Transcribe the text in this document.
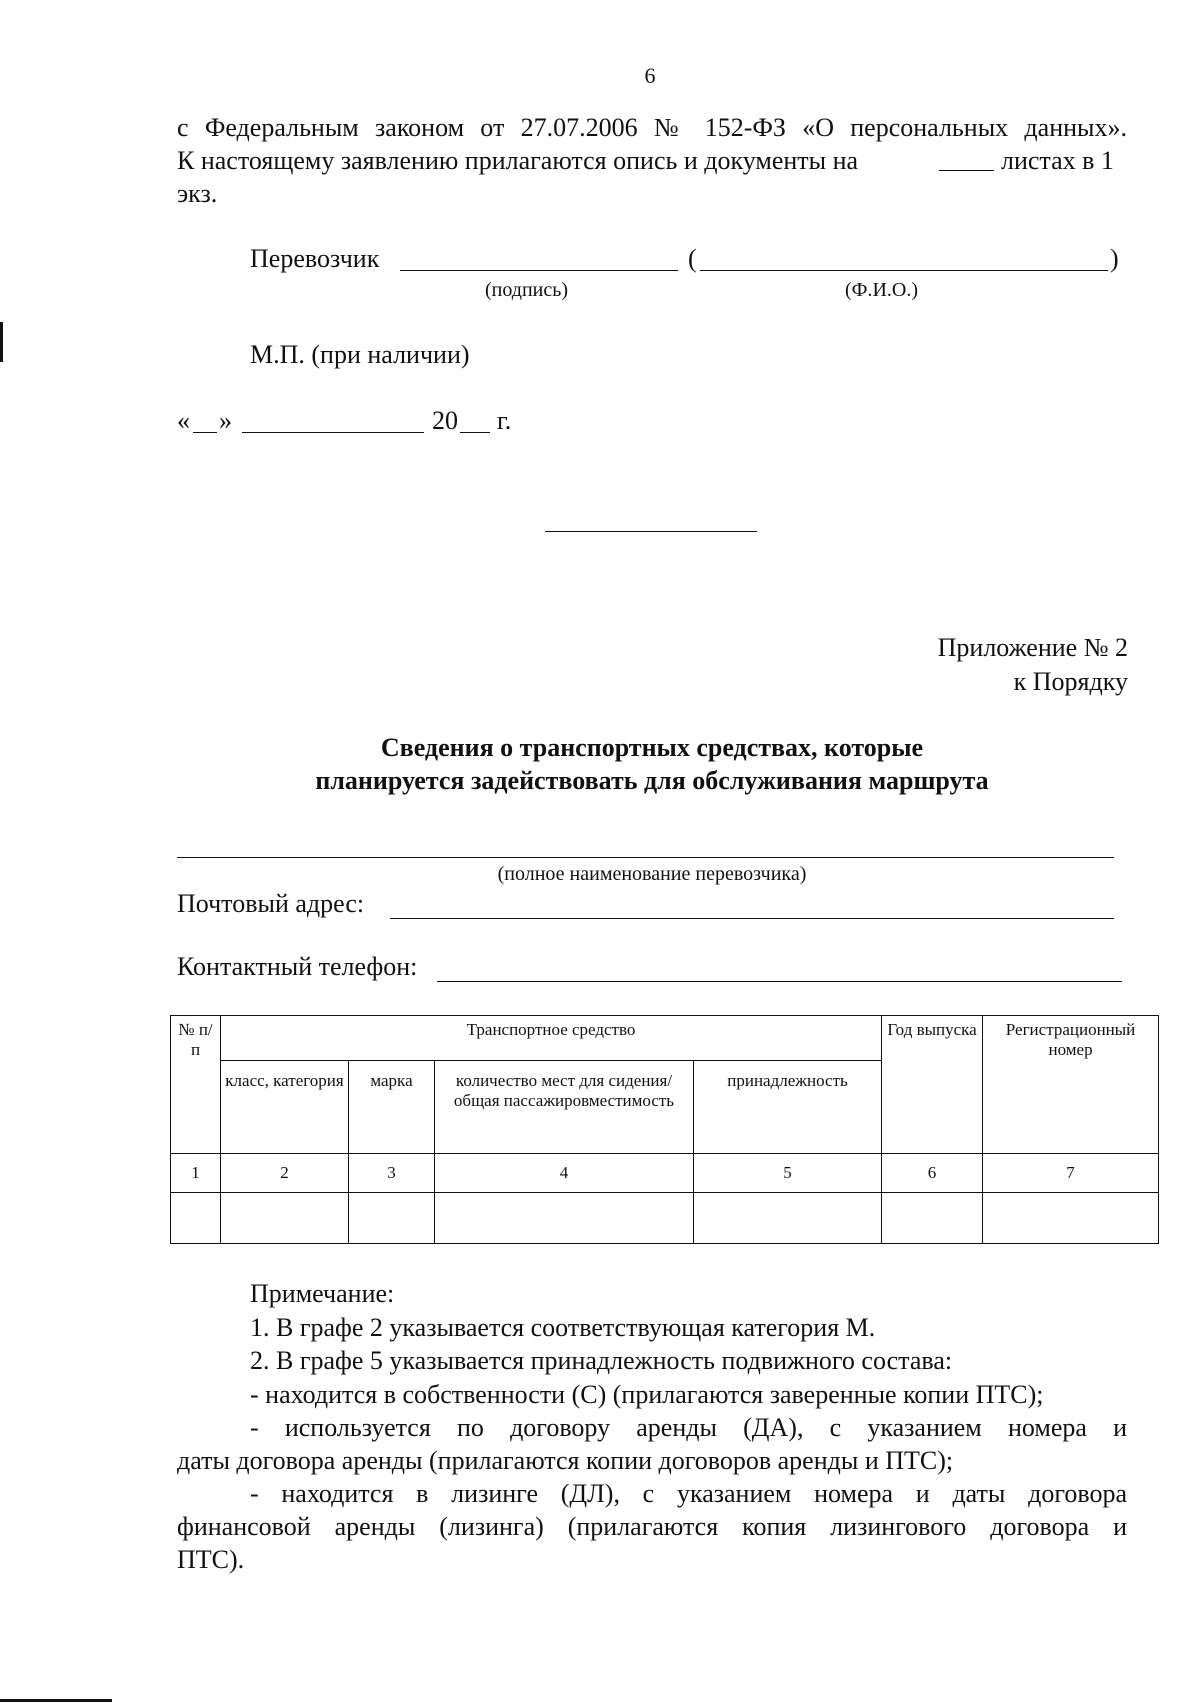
6
с Федеральным законом от 27.07.2006 № 152-ФЗ «О персональных данных».
К настоящему заявлению прилагаются опись и документы на	листах в 1
экз.
Перевозчик	(	)
(подпись)	(Ф.И.О.)
М.П. (при наличии)
« »	20 г.
Приложение № 2
к Порядку
Сведения о транспортных средствах, которые
планируется задействовать для обслуживания маршрута
(полное наименование перевозчика)
Почтовый адрес:
Контактный телефон:
№ п/п	Транспортное средство				Год выпуска	Регистрационный номер
	класс, категория	марка	количество мест для сидения/общая пассажировместимость	принадлежность		
1	2	3	4	5	6	7

Примечание:
1. В графе 2 указывается соответствующая категория М.
2. В графе 5 указывается принадлежность подвижного состава:
- находится в собственности (С) (прилагаются заверенные копии ПТС);
- используется по договору аренды (ДА), с указанием номера и
даты договора аренды (прилагаются копии договоров аренды и ПТС);
- находится в лизинге (ДЛ), с указанием номера и даты договора
финансовой аренды (лизинга) (прилагаются копия лизингового договора и
ПТС).
